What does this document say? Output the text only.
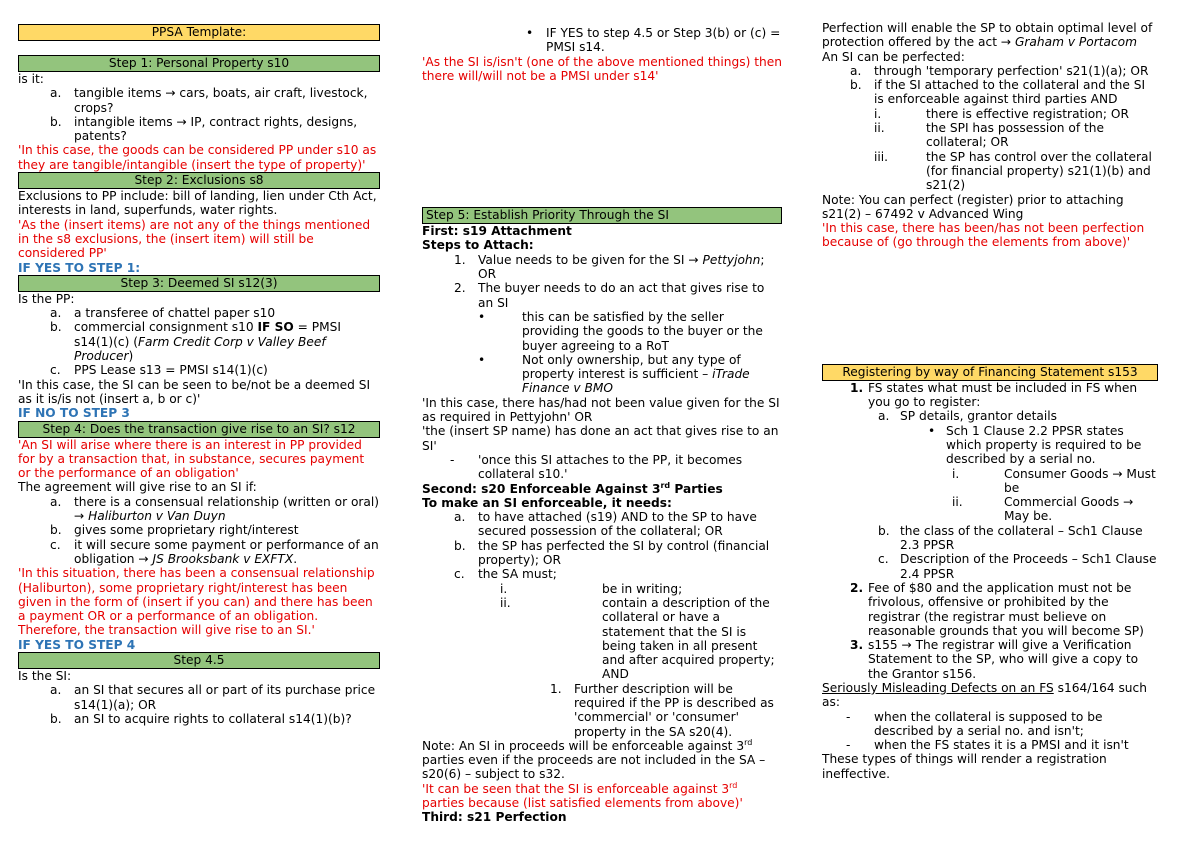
PPSA Template:
Step 1: Personal Property s10
is it:
a. tangible items → cars, boats, air craft, livestock, crops?
b. intangible items → IP, contract rights, designs, patents?
'In this case, the goods can be considered PP under s10 as they are tangible/intangible (insert the type of property)'
Step 2: Exclusions s8
Exclusions to PP include: bill of landing, lien under Cth Act, interests in land, superfunds, water rights.
'As the (insert items) are not any of the things mentioned in the s8 exclusions, the (insert item) will still be considered PP'
IF YES TO STEP 1:
Step 3: Deemed SI s12(3)
Is the PP:
a. a transferee of chattel paper s10
b. commercial consignment s10 IF SO = PMSI s14(1)(c) (Farm Credit Corp v Valley Beef Producer)
c. PPS Lease s13 = PMSI s14(1)(c)
'In this case, the SI can be seen to be/not be a deemed SI as it is/is not (insert a, b or c)'
IF NO TO STEP 3
Step 4: Does the transaction give rise to an SI? s12
'An SI will arise where there is an interest in PP provided for by a transaction that, in substance, secures payment or the performance of an obligation'
The agreement will give rise to an SI if:
a. there is a consensual relationship (written or oral) → Haliburton v Van Duyn
b. gives some proprietary right/interest
c. it will secure some payment or performance of an obligation → JS Brooksbank v EXFTX.
'In this situation, there has been a consensual relationship (Haliburton), some proprietary right/interest has been given in the form of (insert if you can) and there has been a payment OR or a performance of an obligation. Therefore, the transaction will give rise to an SI.'
IF YES TO STEP 4
Step 4.5
Is the SI:
a. an SI that secures all or part of its purchase price s14(1)(a); OR
b. an SI to acquire rights to collateral s14(1)(b)?
• IF YES to step 4.5 or Step 3(b) or (c) = PMSI s14.
'As the SI is/isn't (one of the above mentioned things) then there will/will not be a PMSI under s14'
Step 5: Establish Priority Through the SI
First: s19 Attachment
Steps to Attach:
1. Value needs to be given for the SI → Pettyjohn; OR
2. The buyer needs to do an act that gives rise to an SI
•	this can be satisfied by the seller providing the goods to the buyer or the buyer agreeing to a RoT
•	Not only ownership, but any type of property interest is sufficient – iTrade Finance v BMO
'In this case, there has/had not been value given for the SI as required in Pettyjohn' OR
'the (insert SP name) has done an act that gives rise to an SI'
- 'once this SI attaches to the PP, it becomes collateral s10.'
Second: s20 Enforceable Against 3rd Parties
To make an SI enforceable, it needs:
a. to have attached (s19) AND to the SP to have secured possession of the collateral; OR
b. the SP has perfected the SI by control (financial property); OR
c. the SA must;
i.	be in writing;
ii.	contain a description of the collateral or have a statement that the SI is being taken in all present and after acquired property; AND
1. Further description will be required if the PP is described as 'commercial' or 'consumer' property in the SA s20(4).
Note: An SI in proceeds will be enforceable against 3rd parties even if the proceeds are not included in the SA – s20(6) – subject to s32.
'It can be seen that the SI is enforceable against 3rd parties because (list satisfied elements from above)'
Third: s21 Perfection
Perfection will enable the SP to obtain optimal level of protection offered by the act → Graham v Portacom
An SI can be perfected:
a. through 'temporary perfection' s21(1)(a); OR
b. if the SI attached to the collateral and the SI is enforceable against third parties AND
i.	there is effective registration; OR
ii.	the SPI has possession of the collateral; OR
iii.	the SP has control over the collateral (for financial property) s21(1)(b) and s21(2)
Note: You can perfect (register) prior to attaching s21(2) – 67492 v Advanced Wing
'In this case, there has been/has not been perfection because of (go through the elements from above)'
Registering by way of Financing Statement s153
1. FS states what must be included in FS when you go to register:
a. SP details, grantor details
• Sch 1 Clause 2.2 PPSR states which property is required to be described by a serial no.
i.	Consumer Goods → Must be
ii.	Commercial Goods → May be.
b. the class of the collateral – Sch1 Clause 2.3 PPSR
c. Description of the Proceeds – Sch1 Clause 2.4 PPSR
2. Fee of $80 and the application must not be frivolous, offensive or prohibited by the registrar (the registrar must believe on reasonable grounds that you will become SP)
3. s155 → The registrar will give a Verification Statement to the SP, who will give a copy to the Grantor s156.
Seriously Misleading Defects on an FS s164/164 such as:
- when the collateral is supposed to be described by a serial no. and isn't;
- when the FS states it is a PMSI and it isn't
These types of things will render a registration ineffective.
